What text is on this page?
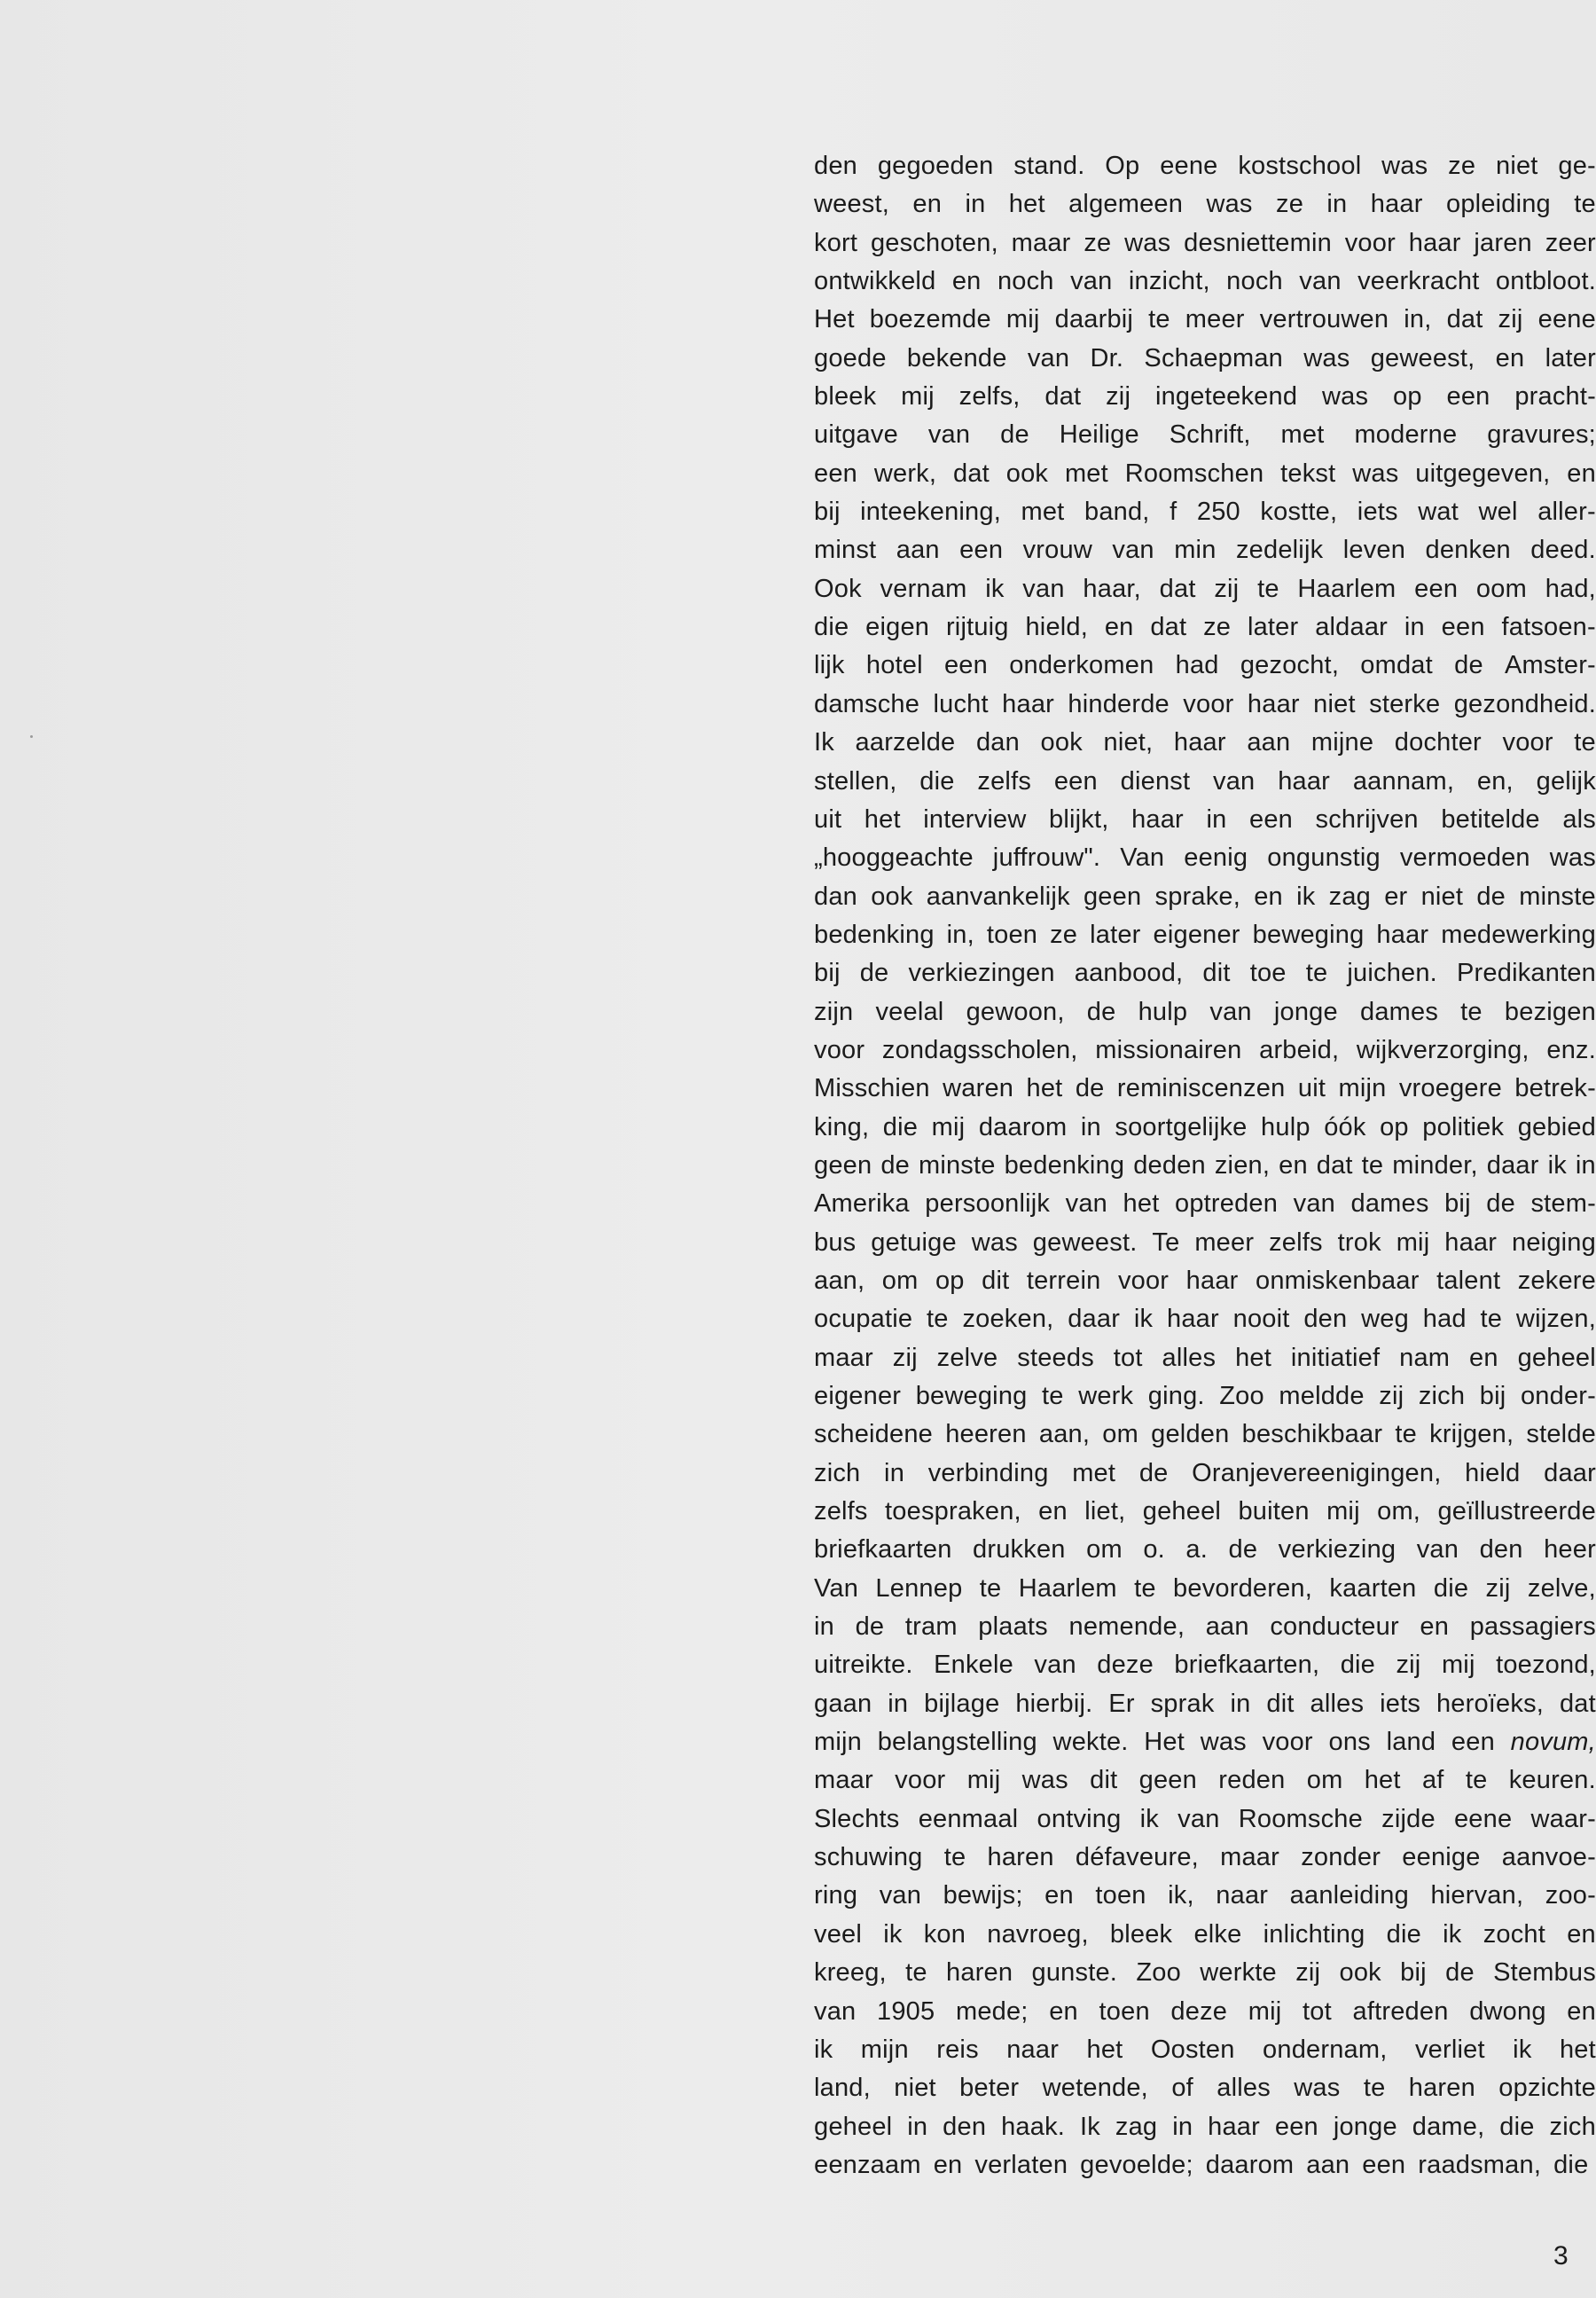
den gegoeden stand. Op eene kostschool was ze niet ge-
weest, en in het algemeen was ze in haar opleiding te
kort geschoten, maar ze was desniettemin voor haar jaren zeer
ontwikkeld en noch van inzicht, noch van veerkracht ontbloot.
Het boezemde mij daarbij te meer vertrouwen in, dat zij eene
goede bekende van Dr. Schaepman was geweest, en later
bleek mij zelfs, dat zij ingeteekend was op een pracht-
uitgave van de Heilige Schrift, met moderne gravures;
een werk, dat ook met Roomschen tekst was uitgegeven, en
bij inteekening, met band, f 250 kostte, iets wat wel aller-
minst aan een vrouw van min zedelijk leven denken deed.
Ook vernam ik van haar, dat zij te Haarlem een oom had,
die eigen rijtuig hield, en dat ze later aldaar in een fatsoen-
lijk hotel een onderkomen had gezocht, omdat de Amster-
damsche lucht haar hinderde voor haar niet sterke gezondheid.
Ik aarzelde dan ook niet, haar aan mijne dochter voor te
stellen, die zelfs een dienst van haar aannam, en, gelijk
uit het interview blijkt, haar in een schrijven betitelde als
„hooggeachte juffrouw". Van eenig ongunstig vermoeden was
dan ook aanvankelijk geen sprake, en ik zag er niet de minste
bedenking in, toen ze later eigener beweging haar medewerking
bij de verkiezingen aanbood, dit toe te juichen. Predikanten
zijn veelal gewoon, de hulp van jonge dames te bezigen
voor zondagsscholen, missionairen arbeid, wijkverzorging, enz.
Misschien waren het de reminiscenzen uit mijn vroegere betrek-
king, die mij daarom in soortgelijke hulp óók op politiek gebied
geen de minste bedenking deden zien, en dat te minder, daar ik in
Amerika persoonlijk van het optreden van dames bij de stem-
bus getuige was geweest. Te meer zelfs trok mij haar neiging
aan, om op dit terrein voor haar onmiskenbaar talent zekere
ocupatie te zoeken, daar ik haar nooit den weg had te wijzen,
maar zij zelve steeds tot alles het initiatief nam en geheel
eigener beweging te werk ging. Zoo meldde zij zich bij onder-
scheidene heeren aan, om gelden beschikbaar te krijgen, stelde
zich in verbinding met de Oranjevereenigingen, hield daar
zelfs toespraken, en liet, geheel buiten mij om, geïllustreerde
briefkaarten drukken om o. a. de verkiezing van den heer
Van Lennep te Haarlem te bevorderen, kaarten die zij zelve,
in de tram plaats nemende, aan conducteur en passagiers
uitreikte. Enkele van deze briefkaarten, die zij mij toezond,
gaan in bijlage hierbij. Er sprak in dit alles iets heroïeks, dat
mijn belangstelling wekte. Het was voor ons land een novum,
maar voor mij was dit geen reden om het af te keuren.
Slechts eenmaal ontving ik van Roomsche zijde eene waar-
schuwing te haren défaveure, maar zonder eenige aanvoe-
ring van bewijs; en toen ik, naar aanleiding hiervan, zoo-
veel ik kon navroeg, bleek elke inlichting die ik zocht en
kreeg, te haren gunste. Zoo werkte zij ook bij de Stembus
van 1905 mede; en toen deze mij tot aftreden dwong en
ik mijn reis naar het Oosten ondernam, verliet ik het
land, niet beter wetende, of alles was te haren opzichte
geheel in den haak. Ik zag in haar een jonge dame, die zich
eenzaam en verlaten gevoelde; daarom aan een raadsman, die
3
